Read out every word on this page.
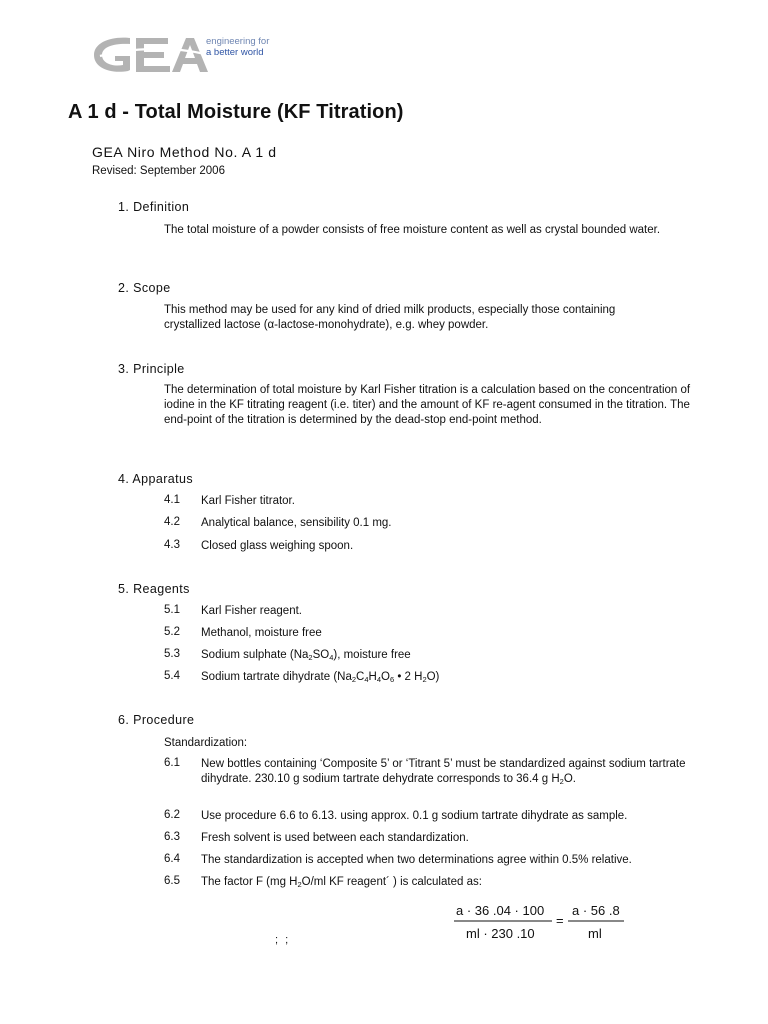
engineering for
a better world
A 1 d - Total Moisture (KF Titration)
GEA Niro Method No. A 1 d
Revised: September 2006
1. Definition
The total moisture of a powder consists of free moisture content as well as crystal bounded water.
2. Scope
This method may be used for any kind of dried milk products, especially those containing
crystallized lactose (α-lactose-monohydrate), e.g. whey powder.
3. Principle
The determination of total moisture by Karl Fisher titration is a calculation based on the concentration of iodine in the KF titrating reagent (i.e. titer) and the amount of KF re-agent consumed in the titration. The end-point of the titration is determined by the dead-stop end-point method.
4. Apparatus
4.1 Karl Fisher titrator.
4.2 Analytical balance, sensibility 0.1 mg.
4.3 Closed glass weighing spoon.
5. Reagents
5.1 Karl Fisher reagent.
5.2 Methanol, moisture free
5.3 Sodium sulphate $(Na_2SO_4)$, moisture free
5.4 Sodium tartrate dihydrate ($Na_2C_4H_4O_6$ • 2 $H_2O$)
6. Procedure
Standardization:
6.1 New bottles containing ‘Composite 5’ or ‘Titrant 5’ must be standardized against sodium tartrate dihydrate. 230.10 g sodium tartrate dehydrate corresponds to 36.4 g $H_2O$.
6.2 Use procedure 6.6 to 6.13. using approx. 0.1 g sodium tartrate dihydrate as sample.
6.3 Fresh solvent is used between each standardization.
6.4 The standardization is accepted when two determinations agree within 0.5% relative.
6.5 The factor F (mg $H_2O/ml$ KF reagent´ ) is calculated as:
a · 36 .04 · 100
ml · 230 .10
=
a · 56 .8
ml
; ;
